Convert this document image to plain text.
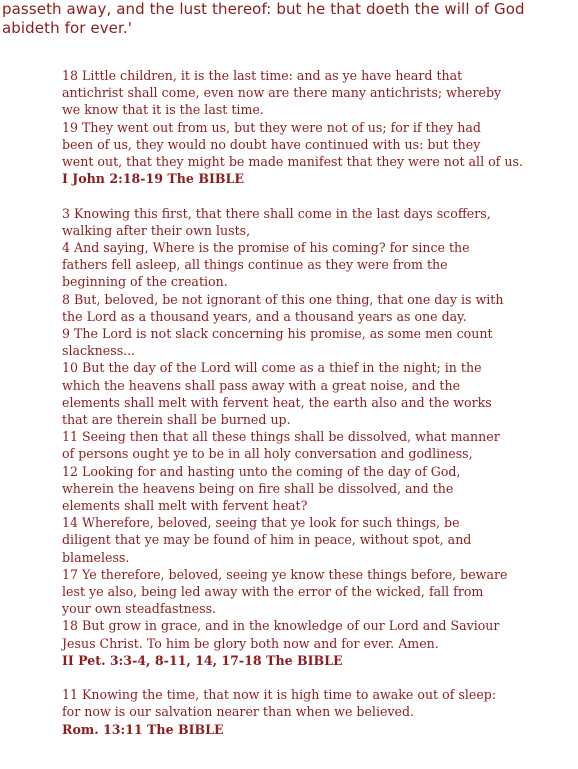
passeth away, and the lust thereof: but he that doeth the will of God
abideth for ever.'
18 Little children, it is the last time: and as ye have heard that
antichrist shall come, even now are there many antichrists; whereby
we know that it is the last time.
19 They went out from us, but they were not of us; for if they had
been of us, they would no doubt have continued with us: but they
went out, that they might be made manifest that they were not all of us.
I John 2:18-19 The BIBLE
3 Knowing this first, that there shall come in the last days scoffers,
walking after their own lusts,
4 And saying, Where is the promise of his coming? for since the
fathers fell asleep, all things continue as they were from the
beginning of the creation.
8 But, beloved, be not ignorant of this one thing, that one day is with
the Lord as a thousand years, and a thousand years as one day.
9 The Lord is not slack concerning his promise, as some men count
slackness...
10 But the day of the Lord will come as a thief in the night; in the
which the heavens shall pass away with a great noise, and the
elements shall melt with fervent heat, the earth also and the works
that are therein shall be burned up.
11 Seeing then that all these things shall be dissolved, what manner
of persons ought ye to be in all holy conversation and godliness,
12 Looking for and hasting unto the coming of the day of God,
wherein the heavens being on fire shall be dissolved, and the
elements shall melt with fervent heat?
14 Wherefore, beloved, seeing that ye look for such things, be
diligent that ye may be found of him in peace, without spot, and
blameless.
17 Ye therefore, beloved, seeing ye know these things before, beware
lest ye also, being led away with the error of the wicked, fall from
your own steadfastness.
18 But grow in grace, and in the knowledge of our Lord and Saviour
Jesus Christ. To him be glory both now and for ever. Amen.
II Pet. 3:3-4, 8-11, 14, 17-18 The BIBLE
11 Knowing the time, that now it is high time to awake out of sleep:
for now is our salvation nearer than when we believed.
Rom. 13:11 The BIBLE
